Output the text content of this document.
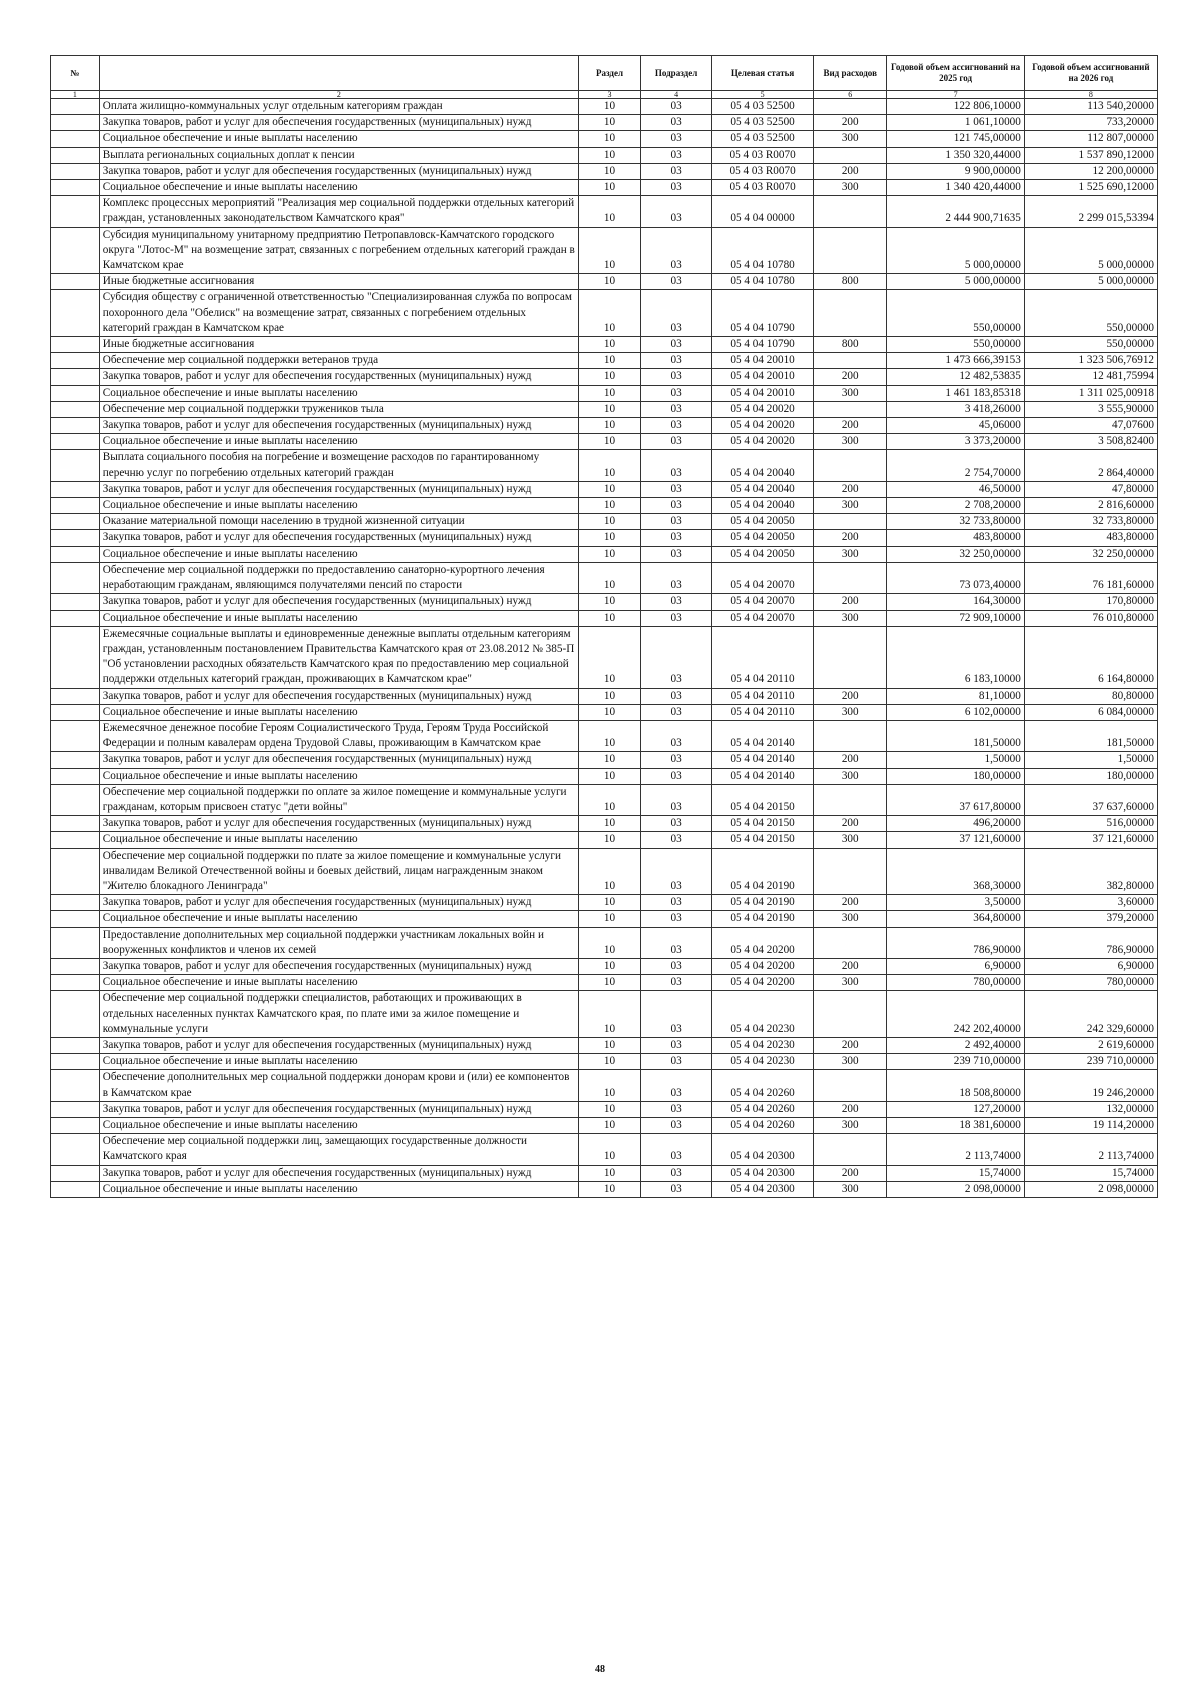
№		Раздел	Подраздел	Целевая статья	Вид расходов	Годовой объем ассигнований на 2025 год	Годовой объем ассигнований на 2026 год
1	2	3	4	5	6	7	8
	Оплата жилищно-коммунальных услуг отдельным категориям граждан	10	03	05 4 03 52500		122 806,10000	113 540,20000
	Закупка товаров, работ и услуг для обеспечения государственных (муниципальных) нужд	10	03	05 4 03 52500	200	1 061,10000	733,20000
	Социальное обеспечение и иные выплаты населению	10	03	05 4 03 52500	300	121 745,00000	112 807,00000
	Выплата региональных социальных доплат к пенсии	10	03	05 4 03 R0070		1 350 320,44000	1 537 890,12000
	Закупка товаров, работ и услуг для обеспечения государственных (муниципальных) нужд	10	03	05 4 03 R0070	200	9 900,00000	12 200,00000
	Социальное обеспечение и иные выплаты населению	10	03	05 4 03 R0070	300	1 340 420,44000	1 525 690,12000
	Комплекс процессных мероприятий "Реализация мер социальной поддержки отдельных категорий граждан, установленных законодательством Камчатского края"	10	03	05 4 04 00000		2 444 900,71635	2 299 015,53394
	Субсидия муниципальному унитарному предприятию Петропавловск-Камчатского городского округа "Лотос-М" на возмещение затрат, связанных с погребением отдельных категорий граждан в Камчатском крае	10	03	05 4 04 10780		5 000,00000	5 000,00000
	Иные бюджетные ассигнования	10	03	05 4 04 10780	800	5 000,00000	5 000,00000
	Субсидия обществу с ограниченной ответственностью "Специализированная служба по вопросам похоронного дела "Обелиск" на возмещение затрат, связанных с погребением отдельных категорий граждан в Камчатском крае	10	03	05 4 04 10790		550,00000	550,00000
	Иные бюджетные ассигнования	10	03	05 4 04 10790	800	550,00000	550,00000
	Обеспечение мер социальной поддержки ветеранов труда	10	03	05 4 04 20010		1 473 666,39153	1 323 506,76912
	Закупка товаров, работ и услуг для обеспечения государственных (муниципальных) нужд	10	03	05 4 04 20010	200	12 482,53835	12 481,75994
	Социальное обеспечение и иные выплаты населению	10	03	05 4 04 20010	300	1 461 183,85318	1 311 025,00918
	Обеспечение мер социальной поддержки тружеников тыла	10	03	05 4 04 20020		3 418,26000	3 555,90000
	Закупка товаров, работ и услуг для обеспечения государственных (муниципальных) нужд	10	03	05 4 04 20020	200	45,06000	47,07600
	Социальное обеспечение и иные выплаты населению	10	03	05 4 04 20020	300	3 373,20000	3 508,82400
	Выплата социального пособия на погребение и возмещение расходов по гарантированному перечню услуг по погребению отдельных категорий граждан	10	03	05 4 04 20040		2 754,70000	2 864,40000
	Закупка товаров, работ и услуг для обеспечения государственных (муниципальных) нужд	10	03	05 4 04 20040	200	46,50000	47,80000
	Социальное обеспечение и иные выплаты населению	10	03	05 4 04 20040	300	2 708,20000	2 816,60000
	Оказание материальной помощи населению в трудной жизненной ситуации	10	03	05 4 04 20050		32 733,80000	32 733,80000
	Закупка товаров, работ и услуг для обеспечения государственных (муниципальных) нужд	10	03	05 4 04 20050	200	483,80000	483,80000
	Социальное обеспечение и иные выплаты населению	10	03	05 4 04 20050	300	32 250,00000	32 250,00000
	Обеспечение мер социальной поддержки по предоставлению санаторно-курортного лечения неработающим гражданам, являющимся получателями пенсий по старости	10	03	05 4 04 20070		73 073,40000	76 181,60000
	Закупка товаров, работ и услуг для обеспечения государственных (муниципальных) нужд	10	03	05 4 04 20070	200	164,30000	170,80000
	Социальное обеспечение и иные выплаты населению	10	03	05 4 04 20070	300	72 909,10000	76 010,80000
	Ежемесячные социальные выплаты и единовременные денежные выплаты отдельным категориям граждан, установленным постановлением Правительства Камчатского края от 23.08.2012 № 385-П "Об установлении расходных обязательств Камчатского края по предоставлению мер социальной поддержки отдельных категорий граждан, проживающих в Камчатском крае"	10	03	05 4 04 20110		6 183,10000	6 164,80000
	Закупка товаров, работ и услуг для обеспечения государственных (муниципальных) нужд	10	03	05 4 04 20110	200	81,10000	80,80000
	Социальное обеспечение и иные выплаты населению	10	03	05 4 04 20110	300	6 102,00000	6 084,00000
	Ежемесячное денежное пособие Героям Социалистического Труда, Героям Труда Российской Федерации и полным кавалерам ордена Трудовой Славы, проживающим в Камчатском крае	10	03	05 4 04 20140		181,50000	181,50000
	Закупка товаров, работ и услуг для обеспечения государственных (муниципальных) нужд	10	03	05 4 04 20140	200	1,50000	1,50000
	Социальное обеспечение и иные выплаты населению	10	03	05 4 04 20140	300	180,00000	180,00000
	Обеспечение мер социальной поддержки по оплате за жилое помещение и коммунальные услуги гражданам, которым присвоен статус "дети войны"	10	03	05 4 04 20150		37 617,80000	37 637,60000
	Закупка товаров, работ и услуг для обеспечения государственных (муниципальных) нужд	10	03	05 4 04 20150	200	496,20000	516,00000
	Социальное обеспечение и иные выплаты населению	10	03	05 4 04 20150	300	37 121,60000	37 121,60000
	Обеспечение мер социальной поддержки по плате за жилое помещение и коммунальные услуги инвалидам Великой Отечественной войны и боевых действий, лицам награжденным знаком "Жителю блокадного Ленинграда"	10	03	05 4 04 20190		368,30000	382,80000
	Закупка товаров, работ и услуг для обеспечения государственных (муниципальных) нужд	10	03	05 4 04 20190	200	3,50000	3,60000
	Социальное обеспечение и иные выплаты населению	10	03	05 4 04 20190	300	364,80000	379,20000
	Предоставление дополнительных мер социальной поддержки участникам локальных войн и вооруженных конфликтов и членов их семей	10	03	05 4 04 20200		786,90000	786,90000
	Закупка товаров, работ и услуг для обеспечения государственных (муниципальных) нужд	10	03	05 4 04 20200	200	6,90000	6,90000
	Социальное обеспечение и иные выплаты населению	10	03	05 4 04 20200	300	780,00000	780,00000
	Обеспечение мер социальной поддержки специалистов, работающих и проживающих в отдельных населенных пунктах Камчатского края, по плате ими за жилое помещение и коммунальные услуги	10	03	05 4 04 20230		242 202,40000	242 329,60000
	Закупка товаров, работ и услуг для обеспечения государственных (муниципальных) нужд	10	03	05 4 04 20230	200	2 492,40000	2 619,60000
	Социальное обеспечение и иные выплаты населению	10	03	05 4 04 20230	300	239 710,00000	239 710,00000
	Обеспечение дополнительных мер социальной поддержки донорам крови и (или) ее компонентов в Камчатском крае	10	03	05 4 04 20260		18 508,80000	19 246,20000
	Закупка товаров, работ и услуг для обеспечения государственных (муниципальных) нужд	10	03	05 4 04 20260	200	127,20000	132,00000
	Социальное обеспечение и иные выплаты населению	10	03	05 4 04 20260	300	18 381,60000	19 114,20000
	Обеспечение мер социальной поддержки лиц, замещающих государственные должности Камчатского края	10	03	05 4 04 20300		2 113,74000	2 113,74000
	Закупка товаров, работ и услуг для обеспечения государственных (муниципальных) нужд	10	03	05 4 04 20300	200	15,74000	15,74000
	Социальное обеспечение и иные выплаты населению	10	03	05 4 04 20300	300	2 098,00000	2 098,00000
48
